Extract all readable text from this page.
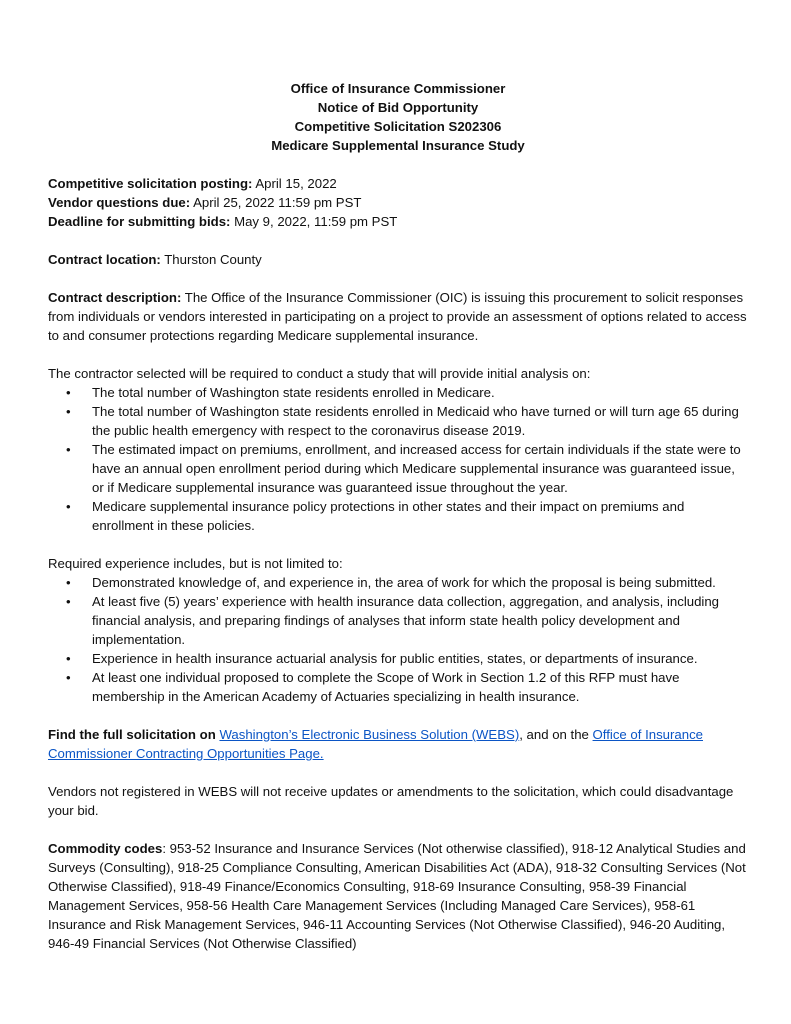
Office of Insurance Commissioner
Notice of Bid Opportunity
Competitive Solicitation S202306
Medicare Supplemental Insurance Study

Competitive solicitation posting: April 15, 2022

Vendor questions due: April 25, 2022 11:59 pm PST

Deadline for submitting bids: May 9, 2022, 11:59 pm PST

Contract location: Thurston County

Contract description: The Office of the Insurance Commissioner (OIC) is issuing this procurement to solicit responses from individuals or vendors interested in participating on a project to provide an assessment of options related to access to and consumer protections regarding Medicare supplemental insurance.

The contractor selected will be required to conduct a study that will provide initial analysis on:

• The total number of Washington state residents enrolled in Medicare.
• The total number of Washington state residents enrolled in Medicaid who have turned or will turn age 65 during the public health emergency with respect to the coronavirus disease 2019.
• The estimated impact on premiums, enrollment, and increased access for certain individuals if the state were to have an annual open enrollment period during which Medicare supplemental insurance was guaranteed issue, or if Medicare supplemental insurance was guaranteed issue throughout the year.
• Medicare supplemental insurance policy protections in other states and their impact on premiums and enrollment in these policies.

Required experience includes, but is not limited to:

• Demonstrated knowledge of, and experience in, the area of work for which the proposal is being submitted.
• At least five (5) years’ experience with health insurance data collection, aggregation, and analysis, including financial analysis, and preparing findings of analyses that inform state health policy development and implementation.
• Experience in health insurance actuarial analysis for public entities, states, or departments of insurance.
• At least one individual proposed to complete the Scope of Work in Section 1.2 of this RFP must have membership in the American Academy of Actuaries specializing in health insurance.

Find the full solicitation on Washington’s Electronic Business Solution (WEBS), and on the Office of Insurance Commissioner Contracting Opportunities Page.

Vendors not registered in WEBS will not receive updates or amendments to the solicitation, which could disadvantage your bid.

Commodity codes: 953-52 Insurance and Insurance Services (Not otherwise classified), 918-12 Analytical Studies and Surveys (Consulting), 918-25 Compliance Consulting, American Disabilities Act (ADA), 918-32 Consulting Services (Not Otherwise Classified), 918-49 Finance/Economics Consulting, 918-69 Insurance Consulting, 958-39 Financial Management Services, 958-56 Health Care Management Services (Including Managed Care Services), 958-61 Insurance and Risk Management Services, 946-11 Accounting Services (Not Otherwise Classified), 946-20 Auditing, 946-49 Financial Services (Not Otherwise Classified)
